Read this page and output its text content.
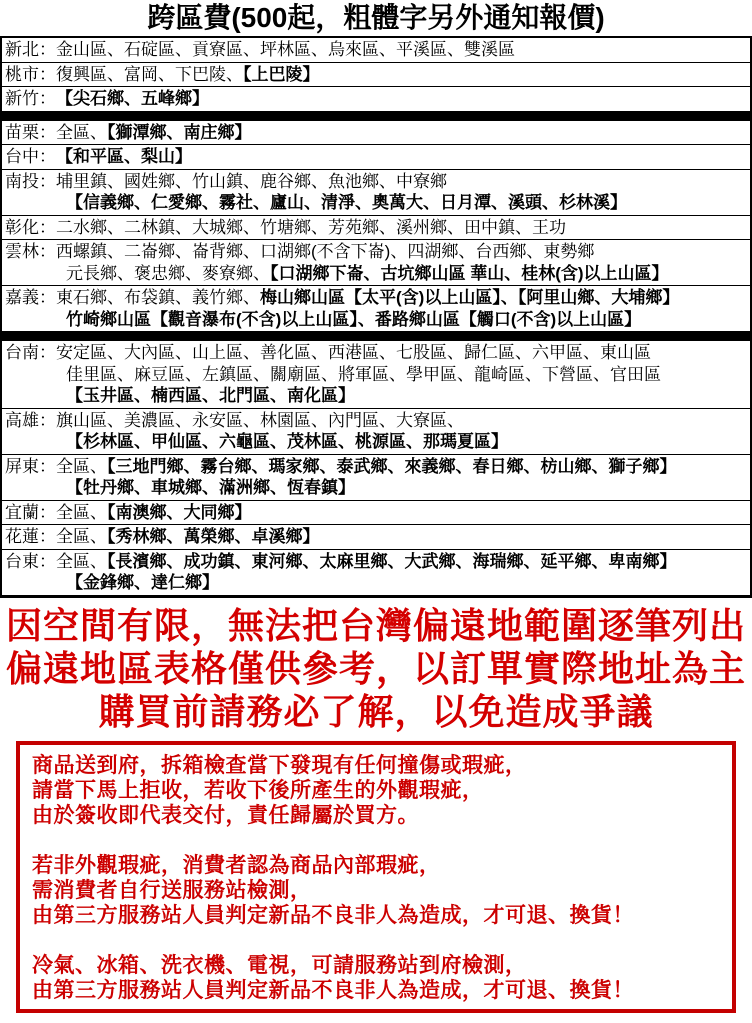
跨區費(500起，粗體字另外通知報價)
新北： 金山區、石碇區、貢寮區、坪林區、烏來區、平溪區、雙溪區
桃市： 復興區、富岡、下巴陵、【上巴陵】
新竹： 【尖石鄉、五峰鄉】
苗栗： 全區、【獅潭鄉、南庄鄉】
台中： 【和平區、梨山】
南投： 埔里鎮、國姓鄉、竹山鎮、鹿谷鄉、魚池鄉、中寮鄉
【信義鄉、仁愛鄉、霧社、廬山、清淨、奧萬大、日月潭、溪頭、杉林溪】
彰化： 二水鄉、二林鎮、大城鄉、竹塘鄉、芳苑鄉、溪州鄉、田中鎮、王功
雲林： 西螺鎮、二崙鄉、崙背鄉、口湖鄉(不含下崙)、四湖鄉、台西鄉、東勢鄉
元長鄉、褒忠鄉、麥寮鄉、【口湖鄉下崙、古坑鄉山區 華山、桂林(含)以上山區】
嘉義： 東石鄉、布袋鎮、義竹鄉、梅山鄉山區【太平(含)以上山區】、【阿里山鄉、大埔鄉】
竹崎鄉山區【觀音瀑布(不含)以上山區】、番路鄉山區【觸口(不含)以上山區】
台南： 安定區、大內區、山上區、善化區、西港區、七股區、歸仁區、六甲區、東山區
佳里區、麻豆區、左鎮區、關廟區、將軍區、學甲區、龍崎區、下營區、官田區
【玉井區、楠西區、北門區、南化區】
高雄： 旗山區、美濃區、永安區、林園區、內門區、大寮區、
【杉林區、甲仙區、六龜區、茂林區、桃源區、那瑪夏區】
屏東： 全區、【三地門鄉、霧台鄉、瑪家鄉、泰武鄉、來義鄉、春日鄉、枋山鄉、獅子鄉】
【牡丹鄉、車城鄉、滿洲鄉、恆春鎮】
宜蘭： 全區、【南澳鄉、大同鄉】
花蓮： 全區、【秀林鄉、萬榮鄉、卓溪鄉】
台東： 全區、【長濱鄉、成功鎮、東河鄉、太麻里鄉、大武鄉、海瑞鄉、延平鄉、卑南鄉】
【金鋒鄉、達仁鄉】
因空間有限，無法把台灣偏遠地範圍逐筆列出
偏遠地區表格僅供參考，以訂單實際地址為主
購買前請務必了解，以免造成爭議
商品送到府，拆箱檢查當下發現有任何撞傷或瑕疵，
請當下馬上拒收，若收下後所產生的外觀瑕疵，
由於簽收即代表交付，責任歸屬於買方。
若非外觀瑕疵，消費者認為商品內部瑕疵，
需消費者自行送服務站檢測，
由第三方服務站人員判定新品不良非人為造成，才可退、換貨！
冷氣、冰箱、洗衣機、電視，可請服務站到府檢測，
由第三方服務站人員判定新品不良非人為造成，才可退、換貨！
